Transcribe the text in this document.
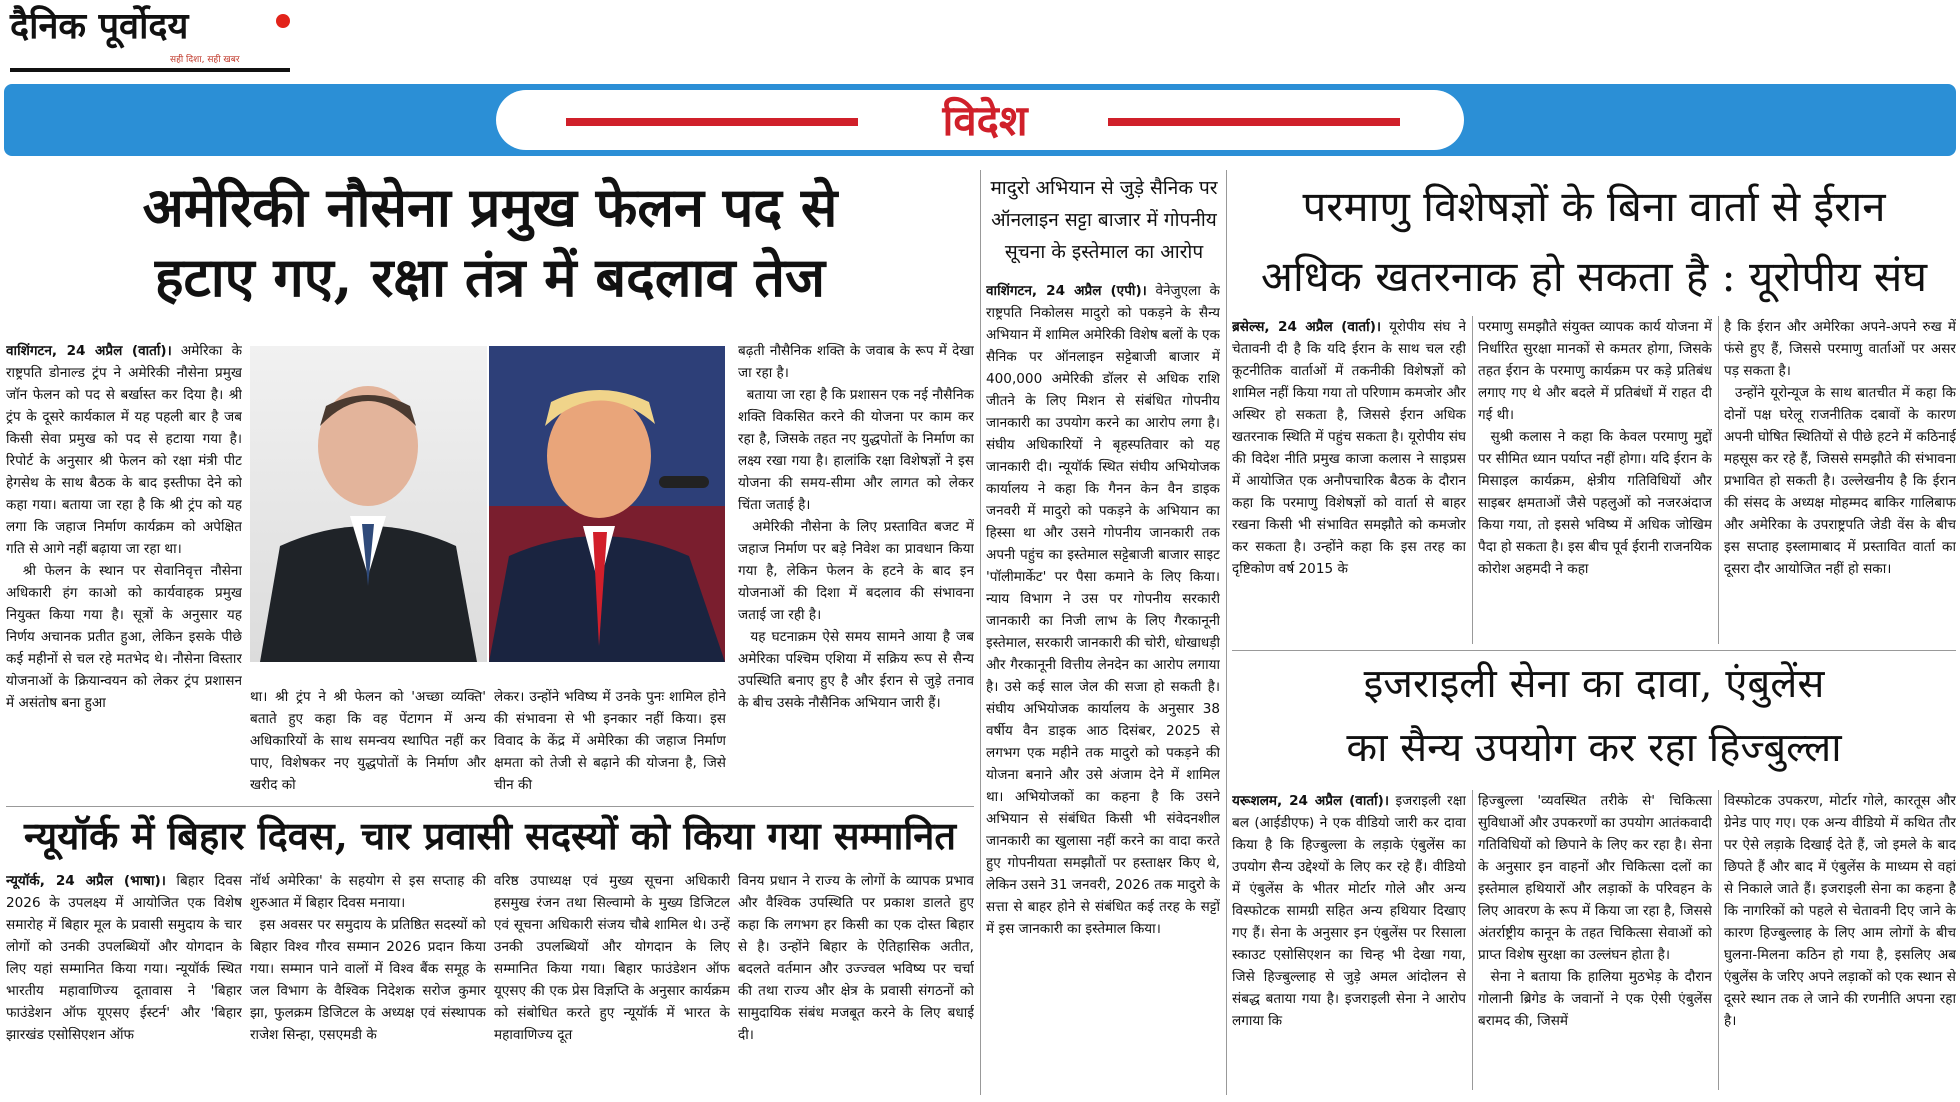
दैनिक पूर्वोदय
सही दिशा, सही खबर
विदेश
अमेरिकी नौसेना प्रमुख फेलन पद से
हटाए गए, रक्षा तंत्र में बदलाव तेज
वाशिंगटन, 24 अप्रैल (वार्ता)। अमेरिका के राष्ट्रपति डोनाल्ड ट्रंप ने अमेरिकी नौसेना प्रमुख जॉन फेलन को पद से बर्खास्त कर दिया है। श्री ट्रंप के दूसरे कार्यकाल में यह पहली बार है जब किसी सेवा प्रमुख को पद से हटाया गया है। रिपोर्ट के अनुसार श्री फेलन को रक्षा मंत्री पीट हेगसेथ के साथ बैठक के बाद इस्तीफा देने को कहा गया। बताया जा रहा है कि श्री ट्रंप को यह लगा कि जहाज निर्माण कार्यक्रम को अपेक्षित गति से आगे नहीं बढ़ाया जा रहा था।
श्री फेलन के स्थान पर सेवानिवृत्त नौसेना अधिकारी हंग काओ को कार्यवाहक प्रमुख नियुक्त किया गया है। सूत्रों के अनुसार यह निर्णय अचानक प्रतीत हुआ, लेकिन इसके पीछे कई महीनों से चल रहे मतभेद थे। नौसेना विस्तार योजनाओं के क्रियान्वयन को लेकर ट्रंप प्रशासन में असंतोष बना हुआ	था। श्री ट्रंप ने श्री फेलन को 'अच्छा व्यक्ति' बताते हुए कहा कि वह पेंटागन में अन्य अधिकारियों के साथ समन्वय स्थापित नहीं कर पाए, विशेषकर नए युद्धपोतों के निर्माण और खरीद को
लेकर। उन्होंने भविष्य में उनके पुनः शामिल होने की संभावना से भी इनकार नहीं किया। इस विवाद के केंद्र में अमेरिका की जहाज निर्माण क्षमता को तेजी से बढ़ाने की योजना है, जिसे चीन की
बढ़ती नौसैनिक शक्ति के जवाब के रूप में देखा जा रहा है।
बताया जा रहा है कि प्रशासन एक नई नौसैनिक शक्ति विकसित करने की योजना पर काम कर रहा है, जिसके तहत नए युद्धपोतों के निर्माण का लक्ष्य रखा गया है। हालांकि रक्षा विशेषज्ञों ने इस योजना की समय-सीमा और लागत को लेकर चिंता जताई है।
अमेरिकी नौसेना के लिए प्रस्तावित बजट में जहाज निर्माण पर बड़े निवेश का प्रावधान किया गया है, लेकिन फेलन के हटने के बाद इन योजनाओं की दिशा में बदलाव की संभावना जताई जा रही है।
यह घटनाक्रम ऐसे समय सामने आया है जब अमेरिका पश्चिम एशिया में सक्रिय रूप से सैन्य उपस्थिति बनाए हुए है और ईरान से जुड़े तनाव के बीच उसके नौसैनिक अभियान जारी हैं।
न्यूयॉर्क में बिहार दिवस, चार प्रवासी सदस्यों को किया गया सम्मानित
न्यूयॉर्क, 24 अप्रैल (भाषा)। बिहार दिवस 2026 के उपलक्ष्य में आयोजित एक विशेष समारोह में बिहार मूल के प्रवासी समुदाय के चार लोगों को उनकी उपलब्धियों और योगदान के लिए यहां सम्मानित किया गया। न्यूयॉर्क स्थित भारतीय महावाणिज्य दूतावास ने 'बिहार फाउंडेशन ऑफ यूएसए ईस्टर्न' और 'बिहार झारखंड एसोसिएशन ऑफ
नॉर्थ अमेरिका' के सहयोग से इस सप्ताह की शुरुआत में बिहार दिवस मनाया।
इस अवसर पर समुदाय के प्रतिष्ठित सदस्यों को बिहार विश्व गौरव सम्मान 2026 प्रदान किया गया। सम्मान पाने वालों में विश्व बैंक समूह के जल विभाग के वैश्विक निदेशक सरोज कुमार झा, फुलक्रम डिजिटल के अध्यक्ष एवं संस्थापक राजेश सिन्हा, एसएमडी के
वरिष्ठ उपाध्यक्ष एवं मुख्य सूचना अधिकारी हसमुख रंजन तथा सिल्वामो के मुख्य डिजिटल एवं सूचना अधिकारी संजय चौबे शामिल थे। उन्हें उनकी उपलब्धियों और योगदान के लिए सम्मानित किया गया। बिहार फाउंडेशन ऑफ यूएसए की एक प्रेस विज्ञप्ति के अनुसार कार्यक्रम को संबोधित करते हुए न्यूयॉर्क में भारत के महावाणिज्य दूत
विनय प्रधान ने राज्य के लोगों के व्यापक प्रभाव और वैश्विक उपस्थिति पर प्रकाश डालते हुए कहा कि लगभग हर किसी का एक दोस्त बिहार से है। उन्होंने बिहार के ऐतिहासिक अतीत, बदलते वर्तमान और उज्ज्वल भविष्य पर चर्चा की तथा राज्य और क्षेत्र के प्रवासी संगठनों को सामुदायिक संबंध मजबूत करने के लिए बधाई दी।
मादुरो अभियान से जुड़े सैनिक पर
ऑनलाइन सट्टा बाजार में गोपनीय
सूचना के इस्तेमाल का आरोप
वाशिंगटन, 24 अप्रैल (एपी)। वेनेजुएला के राष्ट्रपति निकोलस मादुरो को पकड़ने के सैन्य अभियान में शामिल अमेरिकी विशेष बलों के एक सैनिक पर ऑनलाइन सट्टेबाजी बाजार में 400,000 अमेरिकी डॉलर से अधिक राशि जीतने के लिए मिशन से संबंधित गोपनीय जानकारी का उपयोग करने का आरोप लगा है। संघीय अधिकारियों ने बृहस्पतिवार को यह जानकारी दी। न्यूयॉर्क स्थित संघीय अभियोजक कार्यालय ने कहा कि गैनन केन वैन डाइक जनवरी में मादुरो को पकड़ने के अभियान का हिस्सा था और उसने गोपनीय जानकारी तक अपनी पहुंच का इस्तेमाल सट्टेबाजी बाजार साइट 'पॉलीमार्केट' पर पैसा कमाने के लिए किया। न्याय विभाग ने उस पर गोपनीय सरकारी जानकारी का निजी लाभ के लिए गैरकानूनी इस्तेमाल, सरकारी जानकारी की चोरी, धोखाधड़ी और गैरकानूनी वित्तीय लेनदेन का आरोप लगाया है। उसे कई साल जेल की सजा हो सकती है। संघीय अभियोजक कार्यालय के अनुसार 38 वर्षीय वैन डाइक आठ दिसंबर, 2025 से लगभग एक महीने तक मादुरो को पकड़ने की योजना बनाने और उसे अंजाम देने में शामिल था। अभियोजकों का कहना है कि उसने अभियान से संबंधित किसी भी संवेदनशील जानकारी का खुलासा नहीं करने का वादा करते हुए गोपनीयता समझौतों पर हस्ताक्षर किए थे, लेकिन उसने 31 जनवरी, 2026 तक मादुरो के सत्ता से बाहर होने से संबंधित कई तरह के सट्टों में इस जानकारी का इस्तेमाल किया।
परमाणु विशेषज्ञों के बिना वार्ता से ईरान
अधिक खतरनाक हो सकता है : यूरोपीय संघ
ब्रसेल्स, 24 अप्रैल (वार्ता)। यूरोपीय संघ ने चेतावनी दी है कि यदि ईरान के साथ चल रही कूटनीतिक वार्ताओं में तकनीकी विशेषज्ञों को शामिल नहीं किया गया तो परिणाम कमजोर और अस्थिर हो सकता है, जिससे ईरान अधिक खतरनाक स्थिति में पहुंच सकता है। यूरोपीय संघ की विदेश नीति प्रमुख काजा कलास ने साइप्रस में आयोजित एक अनौपचारिक बैठक के दौरान कहा कि परमाणु विशेषज्ञों को वार्ता से बाहर रखना किसी भी संभावित समझौते को कमजोर कर सकता है। उन्होंने कहा कि इस तरह का दृष्टिकोण वर्ष 2015 के
परमाणु समझौते संयुक्त व्यापक कार्य योजना में निर्धारित सुरक्षा मानकों से कमतर होगा, जिसके तहत ईरान के परमाणु कार्यक्रम पर कड़े प्रतिबंध लगाए गए थे और बदले में प्रतिबंधों में राहत दी गई थी।
सुश्री कलास ने कहा कि केवल परमाणु मुद्दों पर सीमित ध्यान पर्याप्त नहीं होगा। यदि ईरान के मिसाइल कार्यक्रम, क्षेत्रीय गतिविधियों और साइबर क्षमताओं जैसे पहलुओं को नजरअंदाज किया गया, तो इससे भविष्य में अधिक जोखिम पैदा हो सकता है। इस बीच पूर्व ईरानी राजनयिक कोरोश अहमदी ने कहा
है कि ईरान और अमेरिका अपने-अपने रुख में फंसे हुए हैं, जिससे परमाणु वार्ताओं पर असर पड़ सकता है।
उन्होंने यूरोन्यूज के साथ बातचीत में कहा कि दोनों पक्ष घरेलू राजनीतिक दबावों के कारण अपनी घोषित स्थितियों से पीछे हटने में कठिनाई महसूस कर रहे हैं, जिससे समझौते की संभावना प्रभावित हो सकती है। उल्लेखनीय है कि ईरान की संसद के अध्यक्ष मोहम्मद बाकिर गालिबाफ और अमेरिका के उपराष्ट्रपति जेडी वेंस के बीच इस सप्ताह इस्लामाबाद में प्रस्तावित वार्ता का दूसरा दौर आयोजित नहीं हो सका।
इजराइली सेना का दावा, एंबुलेंस
का सैन्य उपयोग कर रहा हिज्बुल्ला
यरूशलम, 24 अप्रैल (वार्ता)। इजराइली रक्षा बल (आईडीएफ) ने एक वीडियो जारी कर दावा किया है कि हिज्बुल्ला के लड़ाके एंबुलेंस का उपयोग सैन्य उद्देश्यों के लिए कर रहे हैं। वीडियो में एंबुलेंस के भीतर मोर्टार गोले और अन्य विस्फोटक सामग्री सहित अन्य हथियार दिखाए गए हैं। सेना के अनुसार इन एंबुलेंस पर रिसाला स्काउट एसोसिएशन का चिन्ह भी देखा गया, जिसे हिज्बुल्लाह से जुड़े अमल आंदोलन से संबद्ध बताया गया है। इजराइली सेना ने आरोप लगाया कि
हिज्बुल्ला 'व्यवस्थित तरीके से' चिकित्सा सुविधाओं और उपकरणों का उपयोग आतंकवादी गतिविधियों को छिपाने के लिए कर रहा है। सेना के अनुसार इन वाहनों और चिकित्सा दलों का इस्तेमाल हथियारों और लड़ाकों के परिवहन के लिए आवरण के रूप में किया जा रहा है, जिससे अंतर्राष्ट्रीय कानून के तहत चिकित्सा सेवाओं को प्राप्त विशेष सुरक्षा का उल्लंघन होता है।
सेना ने बताया कि हालिया मुठभेड़ के दौरान गोलानी ब्रिगेड के जवानों ने एक ऐसी एंबुलेंस बरामद की, जिसमें
विस्फोटक उपकरण, मोर्टार गोले, कारतूस और ग्रेनेड पाए गए। एक अन्य वीडियो में कथित तौर पर ऐसे लड़ाके दिखाई देते हैं, जो इमले के बाद छिपते हैं और बाद में एंबुलेंस के माध्यम से वहां से निकाले जाते हैं। इजराइली सेना का कहना है कि नागरिकों को पहले से चेतावनी दिए जाने के कारण हिज्बुल्लाह के लिए आम लोगों के बीच घुलना-मिलना कठिन हो गया है, इसलिए अब एंबुलेंस के जरिए अपने लड़ाकों को एक स्थान से दूसरे स्थान तक ले जाने की रणनीति अपना रहा है।
